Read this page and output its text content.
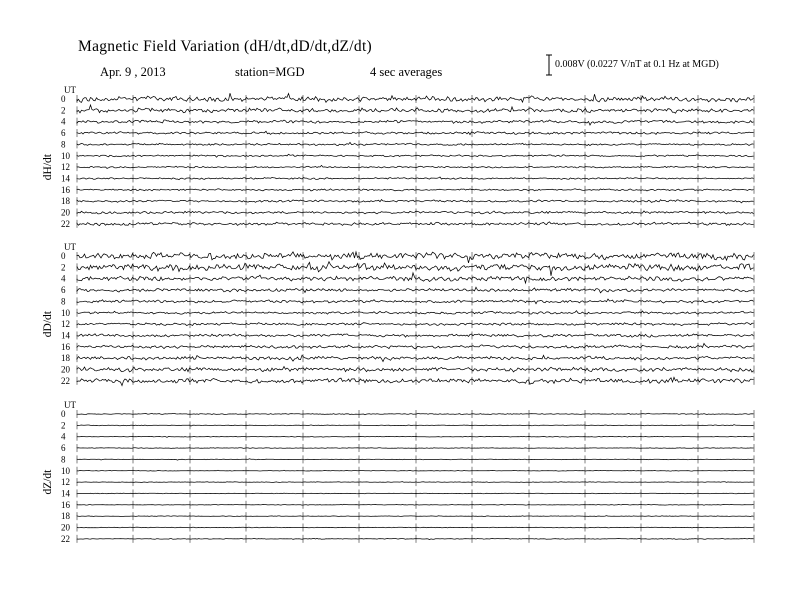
Magnetic Field Variation (dH/dt,dD/dt,dZ/dt)
Apr. 9 , 2013	station=MGD	4 sec averages
0.008V (0.0227 V/nT at 0.1 Hz at MGD)
UT
dH/dt
0
2
4
6
8
10
12
14
16
18
20
22
UT
dD/dt
0
2
4
6
8
10
12
14
16
18
20
22
UT
dZ/dt
0
2
4
6
8
10
12
14
16
18
20
22
